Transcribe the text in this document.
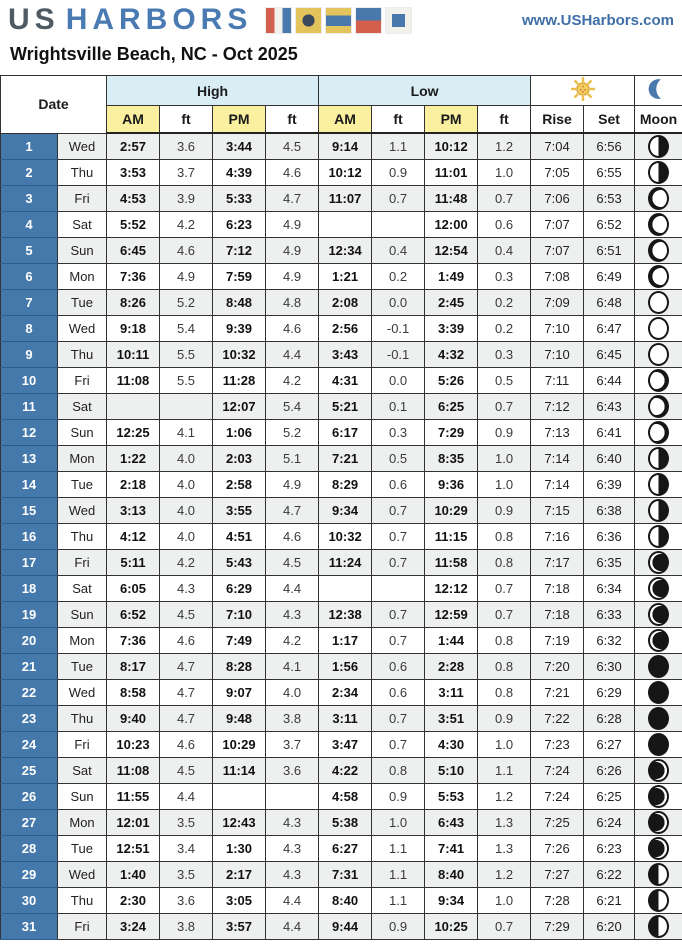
US HARBORS	www.USHarbors.com
Wrightsville Beach, NC - Oct 2025
Date		High				Low		
		AM	ft	PM	ft	AM	ft	PM	ft	Rise	Set	Moon
1	Wed	2:57	3.6	3:44	4.5	9:14	1.1	10:12	1.2	7:04	6:56	
2	Thu	3:53	3.7	4:39	4.6	10:12	0.9	11:01	1.0	7:05	6:55	
3	Fri	4:53	3.9	5:33	4.7	11:07	0.7	11:48	0.7	7:06	6:53	
4	Sat	5:52	4.2	6:23	4.9			12:00	0.6	7:07	6:52	
5	Sun	6:45	4.6	7:12	4.9	12:34	0.4	12:54	0.4	7:07	6:51	
6	Mon	7:36	4.9	7:59	4.9	1:21	0.2	1:49	0.3	7:08	6:49	
7	Tue	8:26	5.2	8:48	4.8	2:08	0.0	2:45	0.2	7:09	6:48	
8	Wed	9:18	5.4	9:39	4.6	2:56	-0.1	3:39	0.2	7:10	6:47	
9	Thu	10:11	5.5	10:32	4.4	3:43	-0.1	4:32	0.3	7:10	6:45	
10	Fri	11:08	5.5	11:28	4.2	4:31	0.0	5:26	0.5	7:11	6:44	
11	Sat			12:07	5.4	5:21	0.1	6:25	0.7	7:12	6:43	
12	Sun	12:25	4.1	1:06	5.2	6:17	0.3	7:29	0.9	7:13	6:41	
13	Mon	1:22	4.0	2:03	5.1	7:21	0.5	8:35	1.0	7:14	6:40	
14	Tue	2:18	4.0	2:58	4.9	8:29	0.6	9:36	1.0	7:14	6:39	
15	Wed	3:13	4.0	3:55	4.7	9:34	0.7	10:29	0.9	7:15	6:38	
16	Thu	4:12	4.0	4:51	4.6	10:32	0.7	11:15	0.8	7:16	6:36	
17	Fri	5:11	4.2	5:43	4.5	11:24	0.7	11:58	0.8	7:17	6:35	
18	Sat	6:05	4.3	6:29	4.4			12:12	0.7	7:18	6:34	
19	Sun	6:52	4.5	7:10	4.3	12:38	0.7	12:59	0.7	7:18	6:33	
20	Mon	7:36	4.6	7:49	4.2	1:17	0.7	1:44	0.8	7:19	6:32	
21	Tue	8:17	4.7	8:28	4.1	1:56	0.6	2:28	0.8	7:20	6:30	
22	Wed	8:58	4.7	9:07	4.0	2:34	0.6	3:11	0.8	7:21	6:29	
23	Thu	9:40	4.7	9:48	3.8	3:11	0.7	3:51	0.9	7:22	6:28	
24	Fri	10:23	4.6	10:29	3.7	3:47	0.7	4:30	1.0	7:23	6:27	
25	Sat	11:08	4.5	11:14	3.6	4:22	0.8	5:10	1.1	7:24	6:26	
26	Sun	11:55	4.4			4:58	0.9	5:53	1.2	7:24	6:25	
27	Mon	12:01	3.5	12:43	4.3	5:38	1.0	6:43	1.3	7:25	6:24	
28	Tue	12:51	3.4	1:30	4.3	6:27	1.1	7:41	1.3	7:26	6:23	
29	Wed	1:40	3.5	2:17	4.3	7:31	1.1	8:40	1.2	7:27	6:22	
30	Thu	2:30	3.6	3:05	4.4	8:40	1.1	9:34	1.0	7:28	6:21	
31	Fri	3:24	3.8	3:57	4.4	9:44	0.9	10:25	0.7	7:29	6:20	
